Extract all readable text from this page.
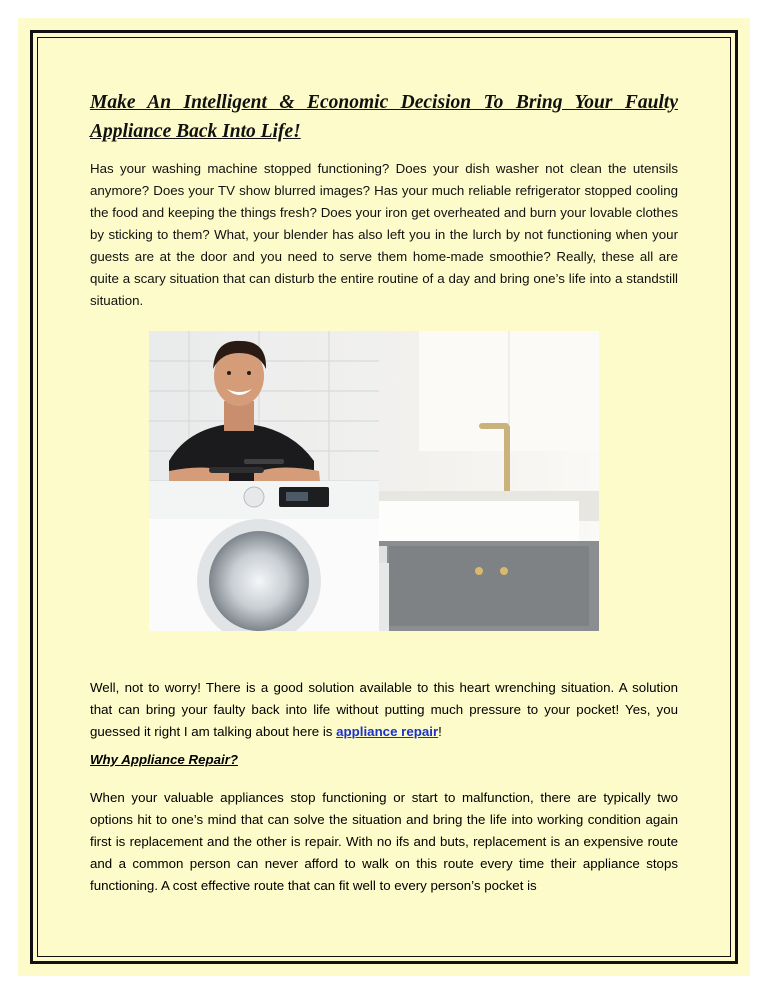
Make An Intelligent & Economic Decision To Bring Your Faulty Appliance Back Into Life!

Has your washing machine stopped functioning? Does your dish washer not clean the utensils anymore? Does your TV show blurred images? Has your much reliable refrigerator stopped cooling the food and keeping the things fresh? Does your iron get overheated and burn your lovable clothes by sticking to them? What, your blender has also left you in the lurch by not functioning when your guests are at the door and you need to serve them home-made smoothie? Really, these all are quite a scary situation that can disturb the entire routine of a day and bring one’s life into a standstill situation.

Well, not to worry! There is a good solution available to this heart wrenching situation. A solution that can bring your faulty back into life without putting much pressure to your pocket! Yes, you guessed it right I am talking about here is appliance repair!

Why Appliance Repair?

When your valuable appliances stop functioning or start to malfunction, there are typically two options hit to one’s mind that can solve the situation and bring the life into working condition again first is replacement and the other is repair. With no ifs and buts, replacement is an expensive route and a common person can never afford to walk on this route every time their appliance stops functioning. A cost effective route that can fit well to every person’s pocket is
